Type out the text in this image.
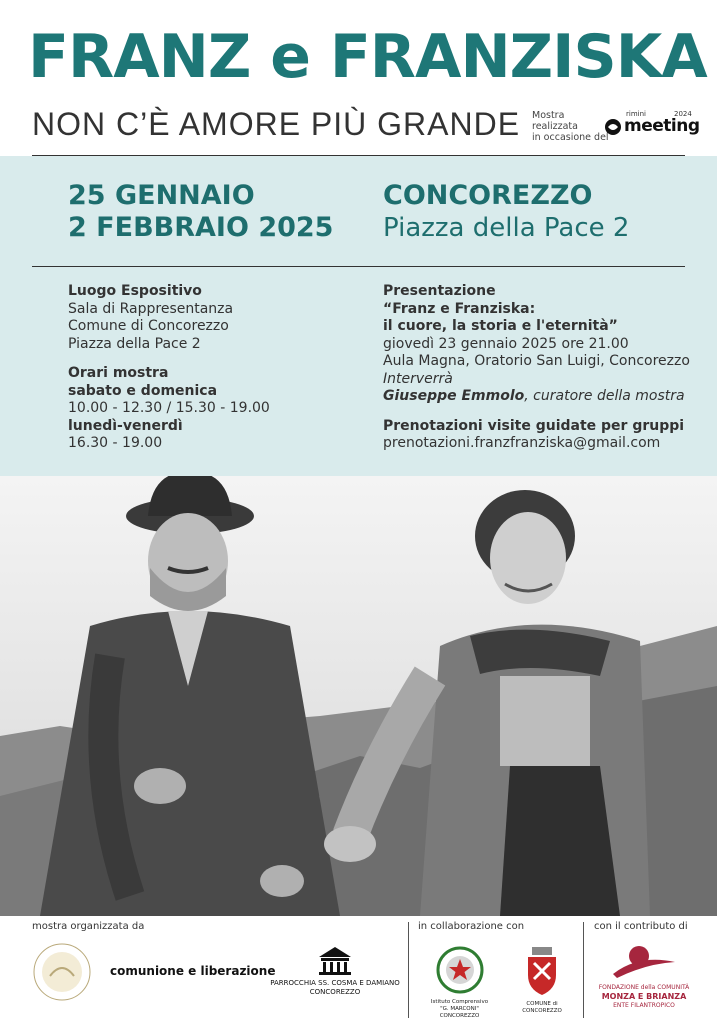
FRANZ e FRANZISKA
NON C’È AMORE PIÙ GRANDE Mostra realizzata
in occasione del
rimini	2024
meeting
25 GENNAIO
2 FEBBRAIO 2025
CONCOREZZO
Piazza della Pace 2
Luogo Espositivo
Sala di Rappresentanza
Comune di Concorezzo
Piazza della Pace 2
Orari mostra
sabato e domenica
10.00 - 12.30 / 15.30 - 19.00
lunedì-venerdì
16.30 - 19.00
Presentazione
“Franz e Franziska:
il cuore, la storia e l'eternità”
giovedì 23 gennaio 2025 ore 21.00
Aula Magna, Oratorio San Luigi, Concorezzo
Interverrà
Giuseppe Emmolo, curatore della mostra
Prenotazioni visite guidate per gruppi
prenotazioni.franzfranziska@gmail.com
mostra organizzata da
comunione e liberazione
PARROCCHIA SS. COSMA E DAMIANO
CONCOREZZO
in collaborazione con
Istituto Comprensivo
"G. MARCONI" CONCOREZZO
COMUNE di CONCOREZZO
con il contributo di
FONDAZIONE della COMUNITÀ
MONZA E BRIANZA
ENTE FILANTROPICO
